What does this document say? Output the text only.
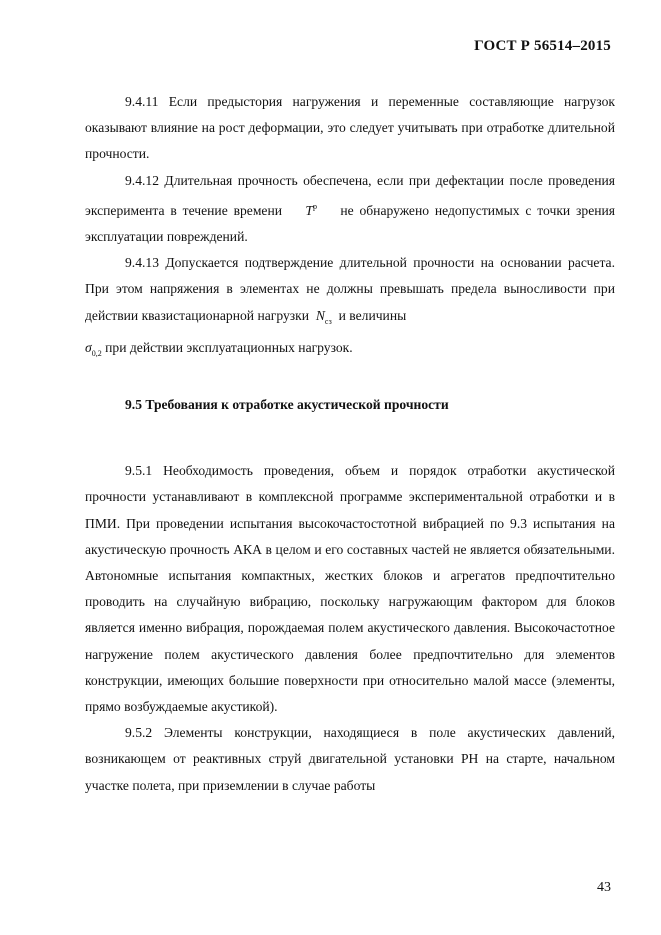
ГОСТ Р 56514–2015

9.4.11 Если предыстория нагружения и переменные составляющие нагрузок оказывают влияние на рост деформации, это следует учитывать при отработке длительной прочности.

9.4.12 Длительная прочность обеспечена, если при дефектации после проведения эксперимента в течение времени $T^р$ не обнаружено недопустимых с точки зрения эксплуатации повреждений.

9.4.13 Допускается подтверждение длительной прочности на основании расчета. При этом напряжения в элементах не должны превышать предела выносливости при действии квазистационарной нагрузки $N_{сз}$ и величины
$\sigma_{0,2}$ при действии эксплуатационных нагрузок.

9.5 Требования к отработке акустической прочности

9.5.1 Необходимость проведения, объем и порядок отработки акустической прочности устанавливают в комплексной программе экспериментальной отработки и в ПМИ. При проведении испытания высокочастостотной вибрацией по 9.3 испытания на акустическую прочность АКА в целом и его составных частей не является обязательными. Автономные испытания компактных, жестких блоков и агрегатов предпочтительно проводить на случайную вибрацию, поскольку нагружающим фактором для блоков является именно вибрация, порождаемая полем акустического давления. Высокочастотное нагружение полем акустического давления более предпочтительно для элементов конструкции, имеющих большие поверхности при относительно малой массе (элементы, прямо возбуждаемые акустикой).

9.5.2 Элементы конструкции, находящиеся в поле акустических давлений, возникающем от реактивных струй двигательной установки РН на старте, начальном участке полета, при приземлении в случае работы

43
